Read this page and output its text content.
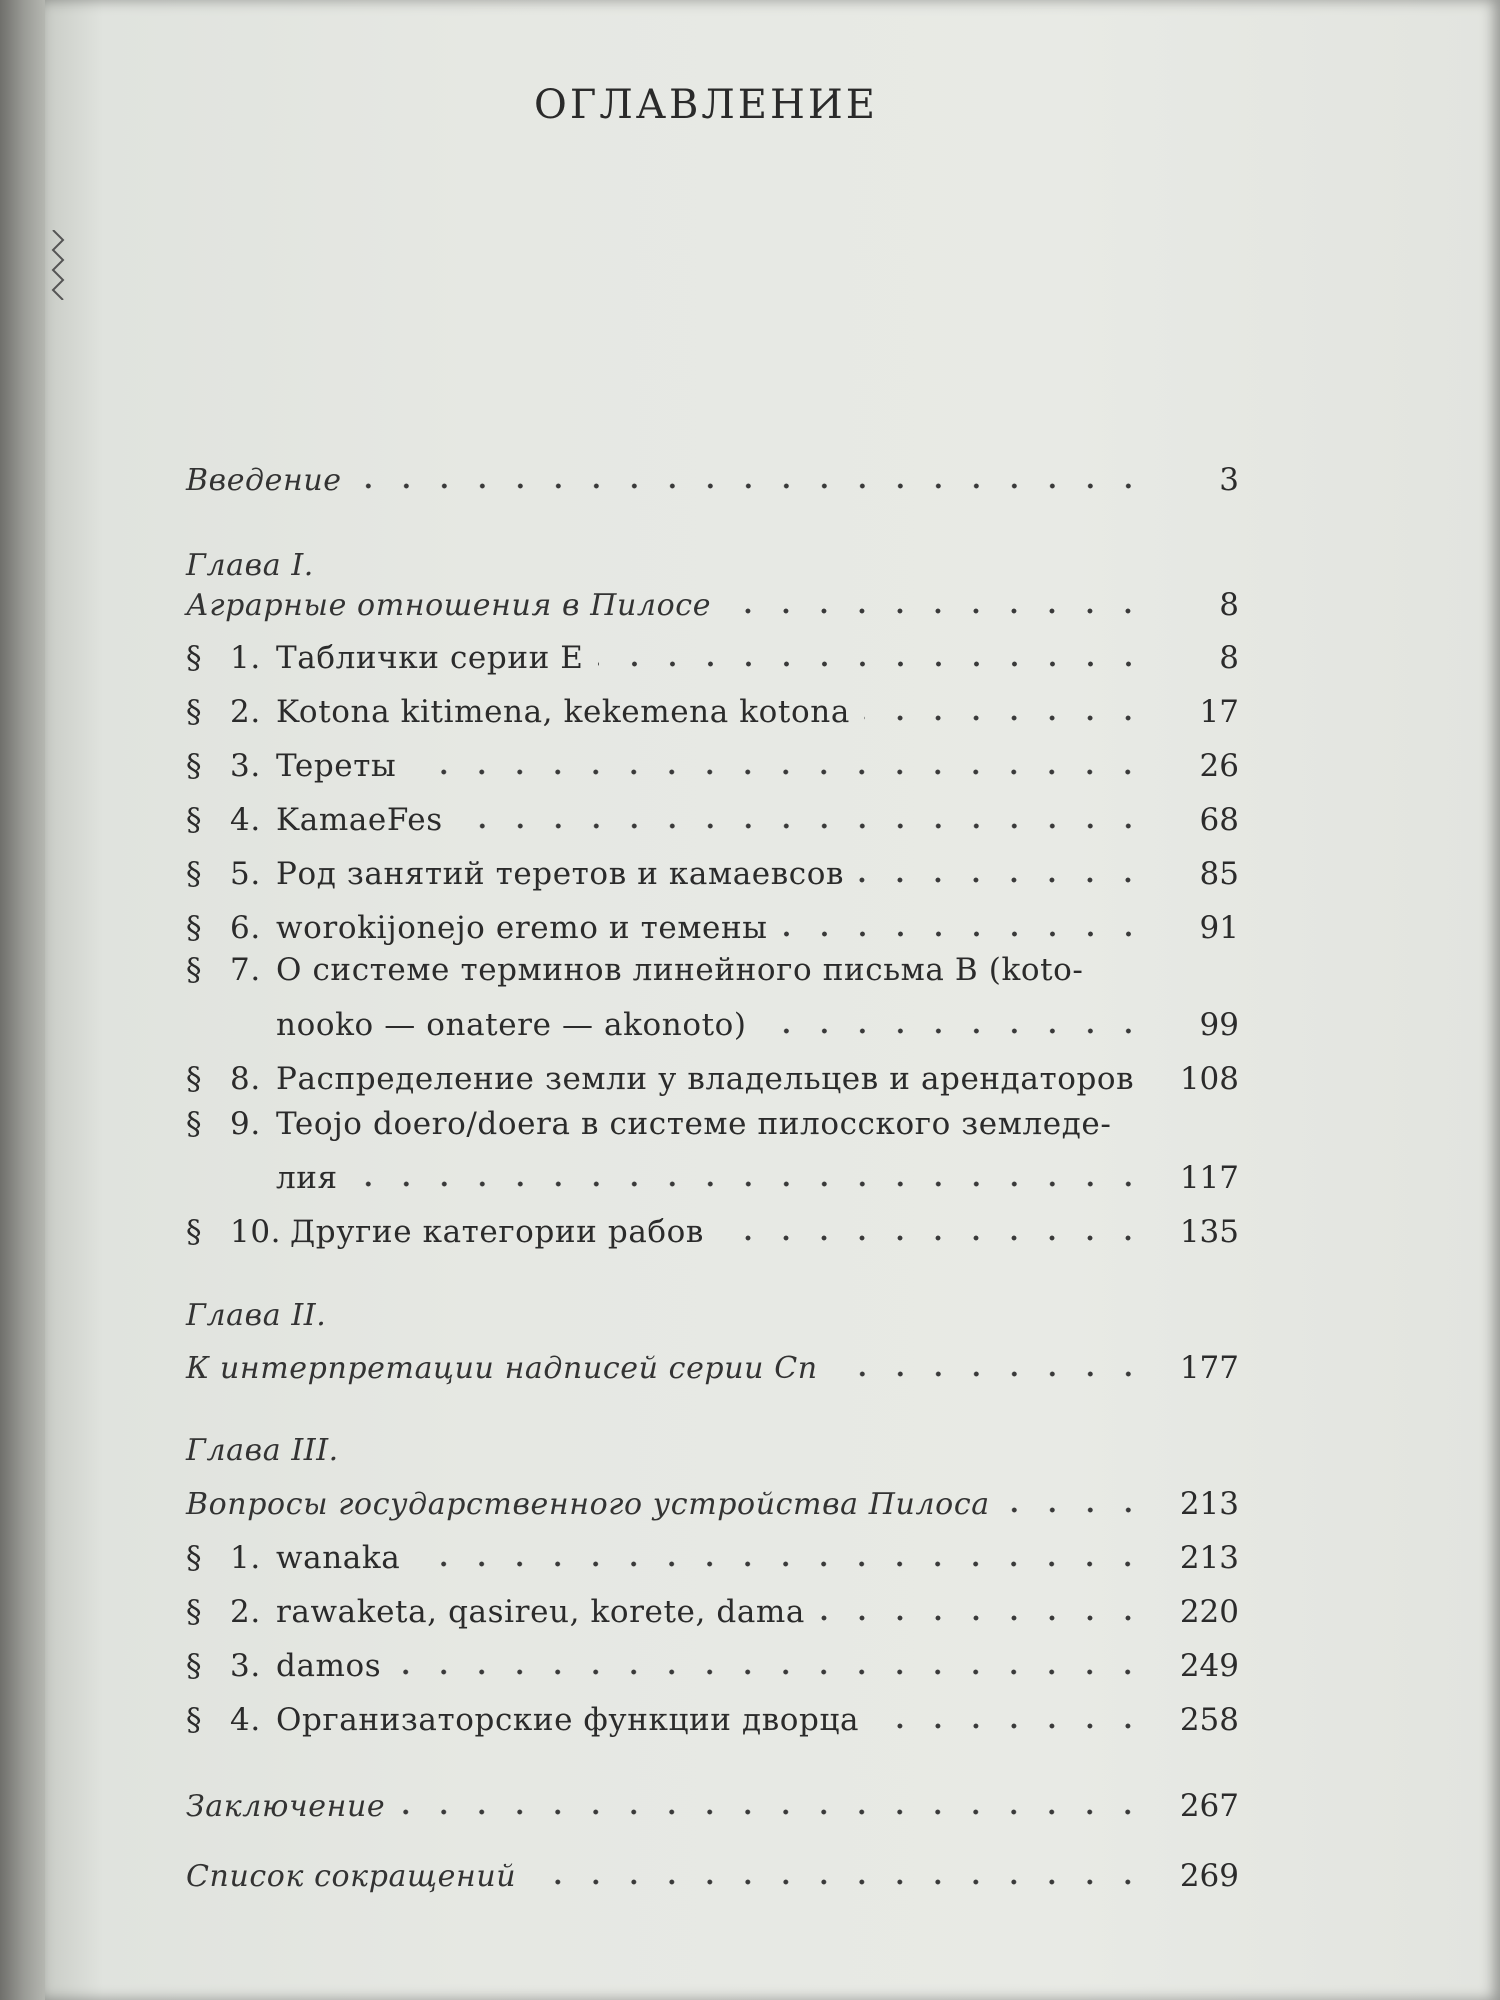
ОГЛАВЛЕНИЕ
Введение	3
Глава I.
Аграрные отношения в Пилосе	8
§ 1. Таблички серии Е	8
§ 2. Kotona kitimena, kekemena kotona	17
§ 3. Tepeты	26
§ 4. KamaeFes	68
§ 5. Род занятий теретов и камаевсов	85
§ 6. worokijonejo eremo и темены	91
§ 7. О системе терминов линейного письма B (koto-
nooko — onatere — akonoto)	99
§ 8. Распределение земли у владельцев и арендаторов	108
§ 9. Teojo doero/doera в системе пилосского земледе-
лия	117
§ 10. Другие категории рабов	135
Глава II.
К интерпретации надписей серии Cn	177
Глава III.
Вопросы государственного устройства Пилоса	213
§ 1. wanaka	213
§ 2. rawaketa, qasireu, korete, dama	220
§ 3. damos	249
§ 4. Организаторские функции дворца	258
Заключение	267
Список сокращений	269
